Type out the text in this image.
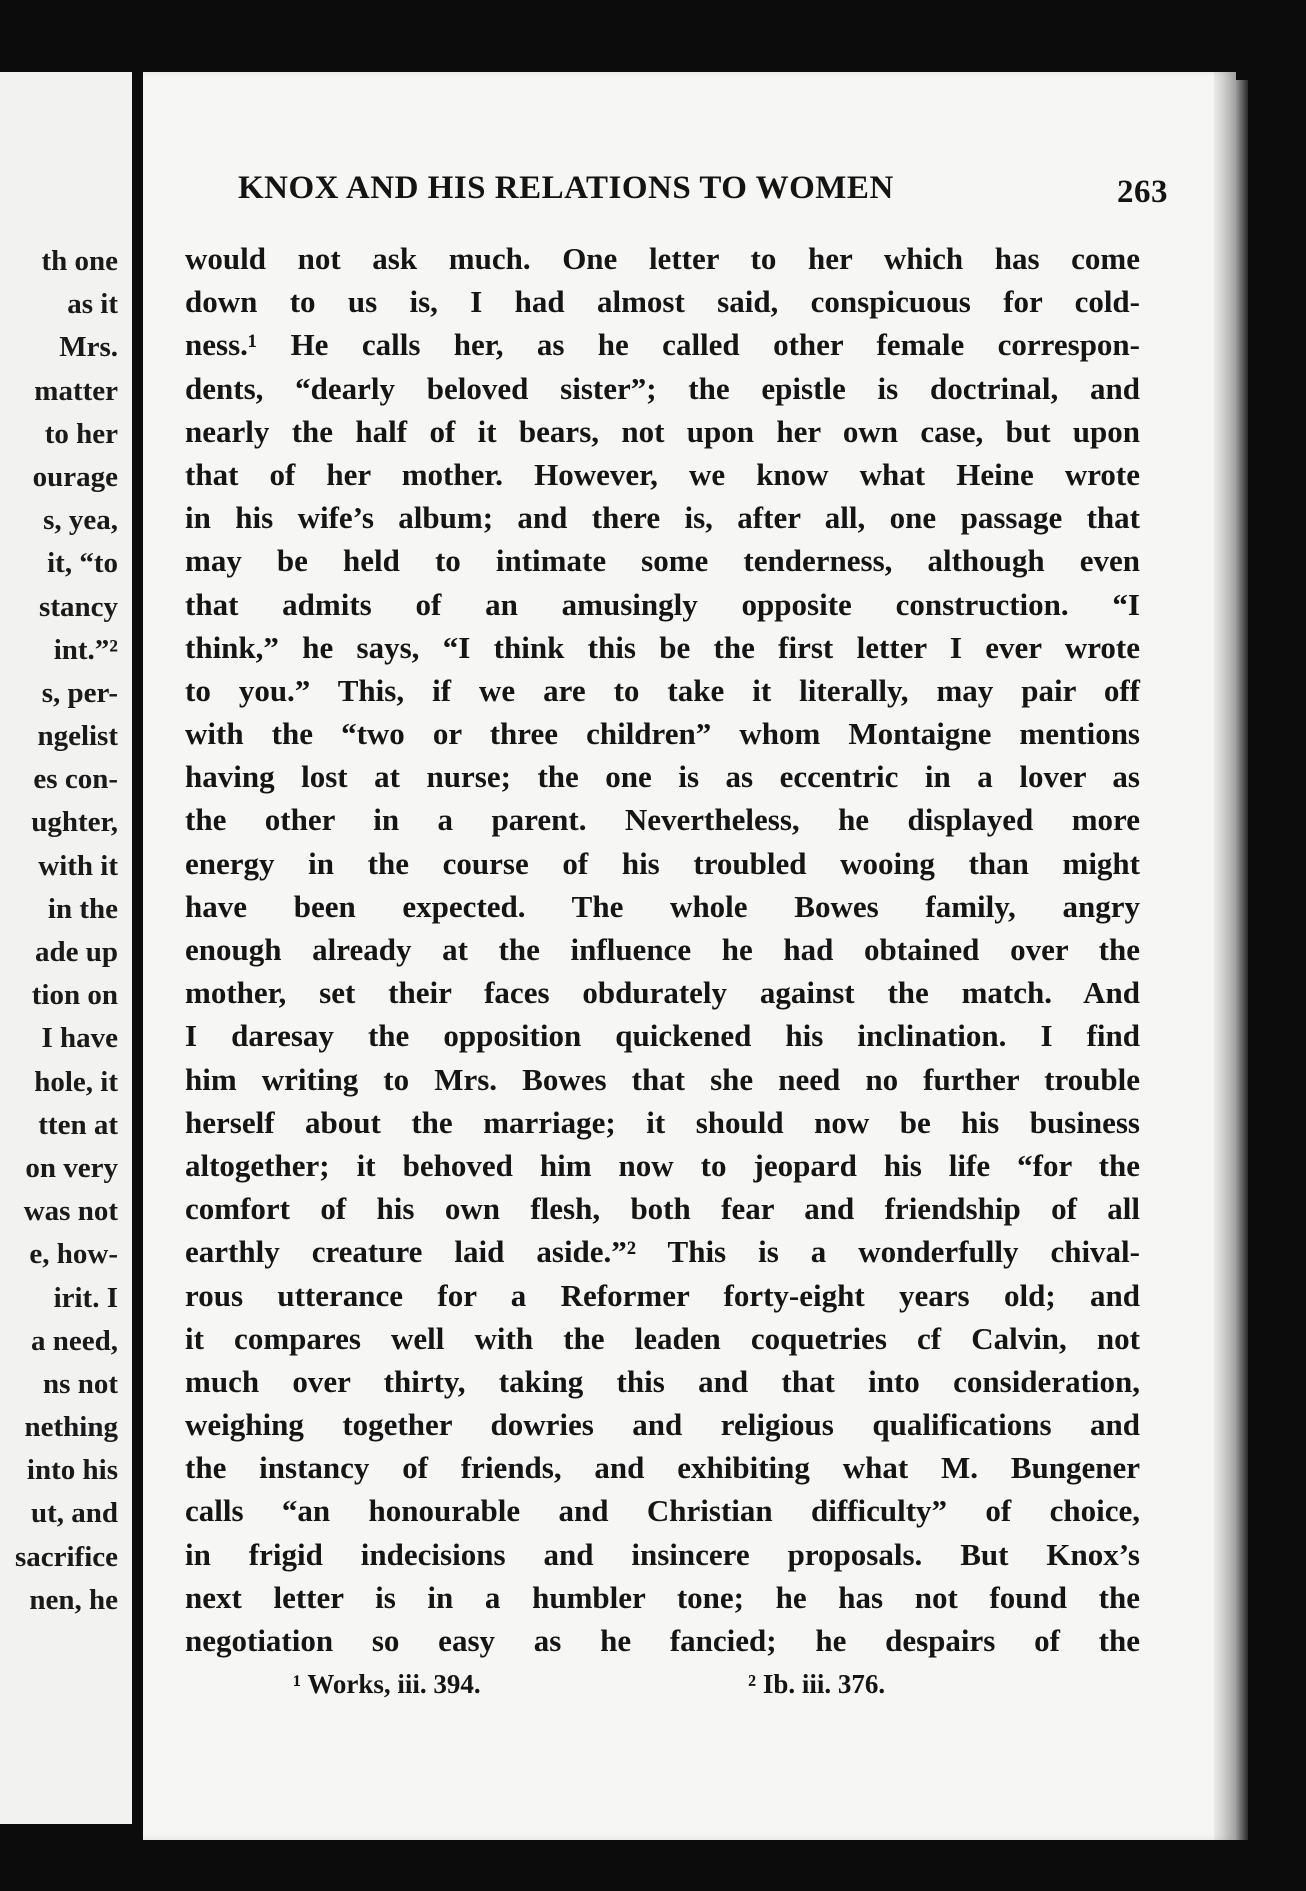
th one
as it
Mrs.
matter
to her
ourage
s, yea,
it, “to
stancy
int.”²
s, per-
ngelist
es con-
ughter,
with it
in the
ade up
tion on
I have
hole, it
tten at
on very
was not
e, how-
irit. I
a need,
ns not
nething
into his
ut, and
sacrifice
nen, he
KNOX AND HIS RELATIONS TO WOMEN	263
would not ask much. One letter to her which has come
down to us is, I had almost said, conspicuous for cold-
ness.¹ He calls her, as he called other female correspon-
dents, “dearly beloved sister”; the epistle is doctrinal, and
nearly the half of it bears, not upon her own case, but upon
that of her mother. However, we know what Heine wrote
in his wife’s album; and there is, after all, one passage that
may be held to intimate some tenderness, although even
that admits of an amusingly opposite construction. “I
think,” he says, “I think this be the first letter I ever wrote
to you.” This, if we are to take it literally, may pair off
with the “two or three children” whom Montaigne mentions
having lost at nurse; the one is as eccentric in a lover as
the other in a parent. Nevertheless, he displayed more
energy in the course of his troubled wooing than might
have been expected. The whole Bowes family, angry
enough already at the influence he had obtained over the
mother, set their faces obdurately against the match. And
I daresay the opposition quickened his inclination. I find
him writing to Mrs. Bowes that she need no further trouble
herself about the marriage; it should now be his business
altogether; it behoved him now to jeopard his life “for the
comfort of his own flesh, both fear and friendship of all
earthly creature laid aside.”² This is a wonderfully chival-
rous utterance for a Reformer forty-eight years old; and
it compares well with the leaden coquetries cf Calvin, not
much over thirty, taking this and that into consideration,
weighing together dowries and religious qualifications and
the instancy of friends, and exhibiting what M. Bungener
calls “an honourable and Christian difficulty” of choice,
in frigid indecisions and insincere proposals. But Knox’s
next letter is in a humbler tone; he has not found the
negotiation so easy as he fancied; he despairs of the
¹ Works, iii. 394.	² Ib. iii. 376.
